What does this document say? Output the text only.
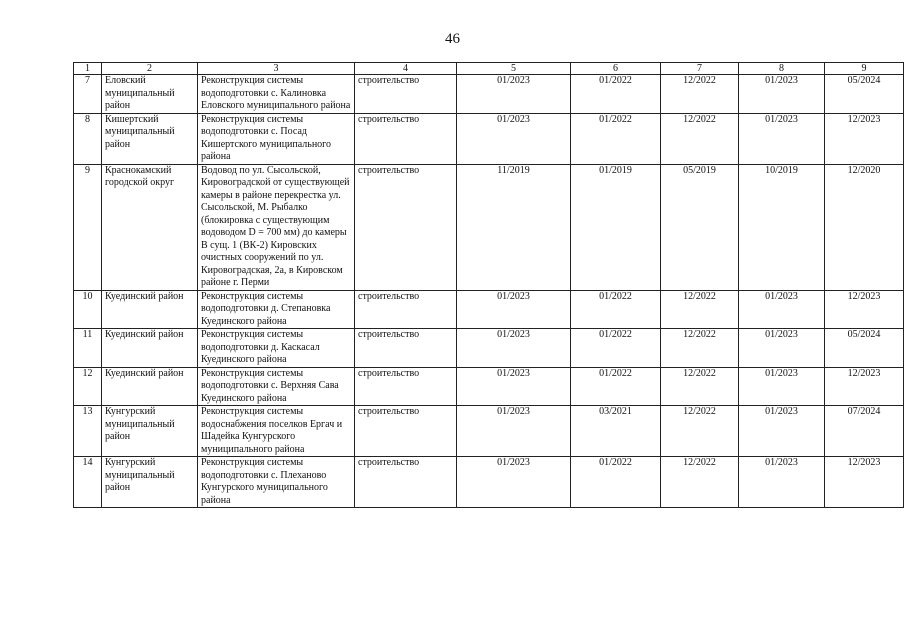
46
1	2	3	4	5	6	7	8	9
7	Еловский муниципальный район	Реконструкция системы водоподготовки с. Калиновка Еловского муниципального района	строительство	01/2023	01/2022	12/2022	01/2023	05/2024
8	Кишертский муниципальный район	Реконструкция системы водоподготовки с. Посад Кишертского муниципального района	строительство	01/2023	01/2022	12/2022	01/2023	12/2023
9	Краснокамский городской округ	Водовод по ул. Сысольской, Кировоградской от существующей камеры в районе перекрестка ул. Сысольской, М. Рыбалко (блокировка с существующим водоводом D = 700 мм) до камеры В сущ. 1 (ВК-2) Кировских очистных сооружений по ул. Кировоградская, 2а, в Кировском районе г. Перми	строительство	11/2019	01/2019	05/2019	10/2019	12/2020
10	Куединский район	Реконструкция системы водоподготовки д. Степановка Куединского района	строительство	01/2023	01/2022	12/2022	01/2023	12/2023
11	Куединский район	Реконструкция системы водоподготовки д. Каскасал Куединского района	строительство	01/2023	01/2022	12/2022	01/2023	05/2024
12	Куединский район	Реконструкция системы водоподготовки с. Верхняя Сава Куединского района	строительство	01/2023	01/2022	12/2022	01/2023	12/2023
13	Кунгурский муниципальный район	Реконструкция системы водоснабжения поселков Ергач и Шадейка Кунгурского муниципального района	строительство	01/2023	03/2021	12/2022	01/2023	07/2024
14	Кунгурский муниципальный район	Реконструкция системы водоподготовки с. Плеханово Кунгурского муниципального района	строительство	01/2023	01/2022	12/2022	01/2023	12/2023
